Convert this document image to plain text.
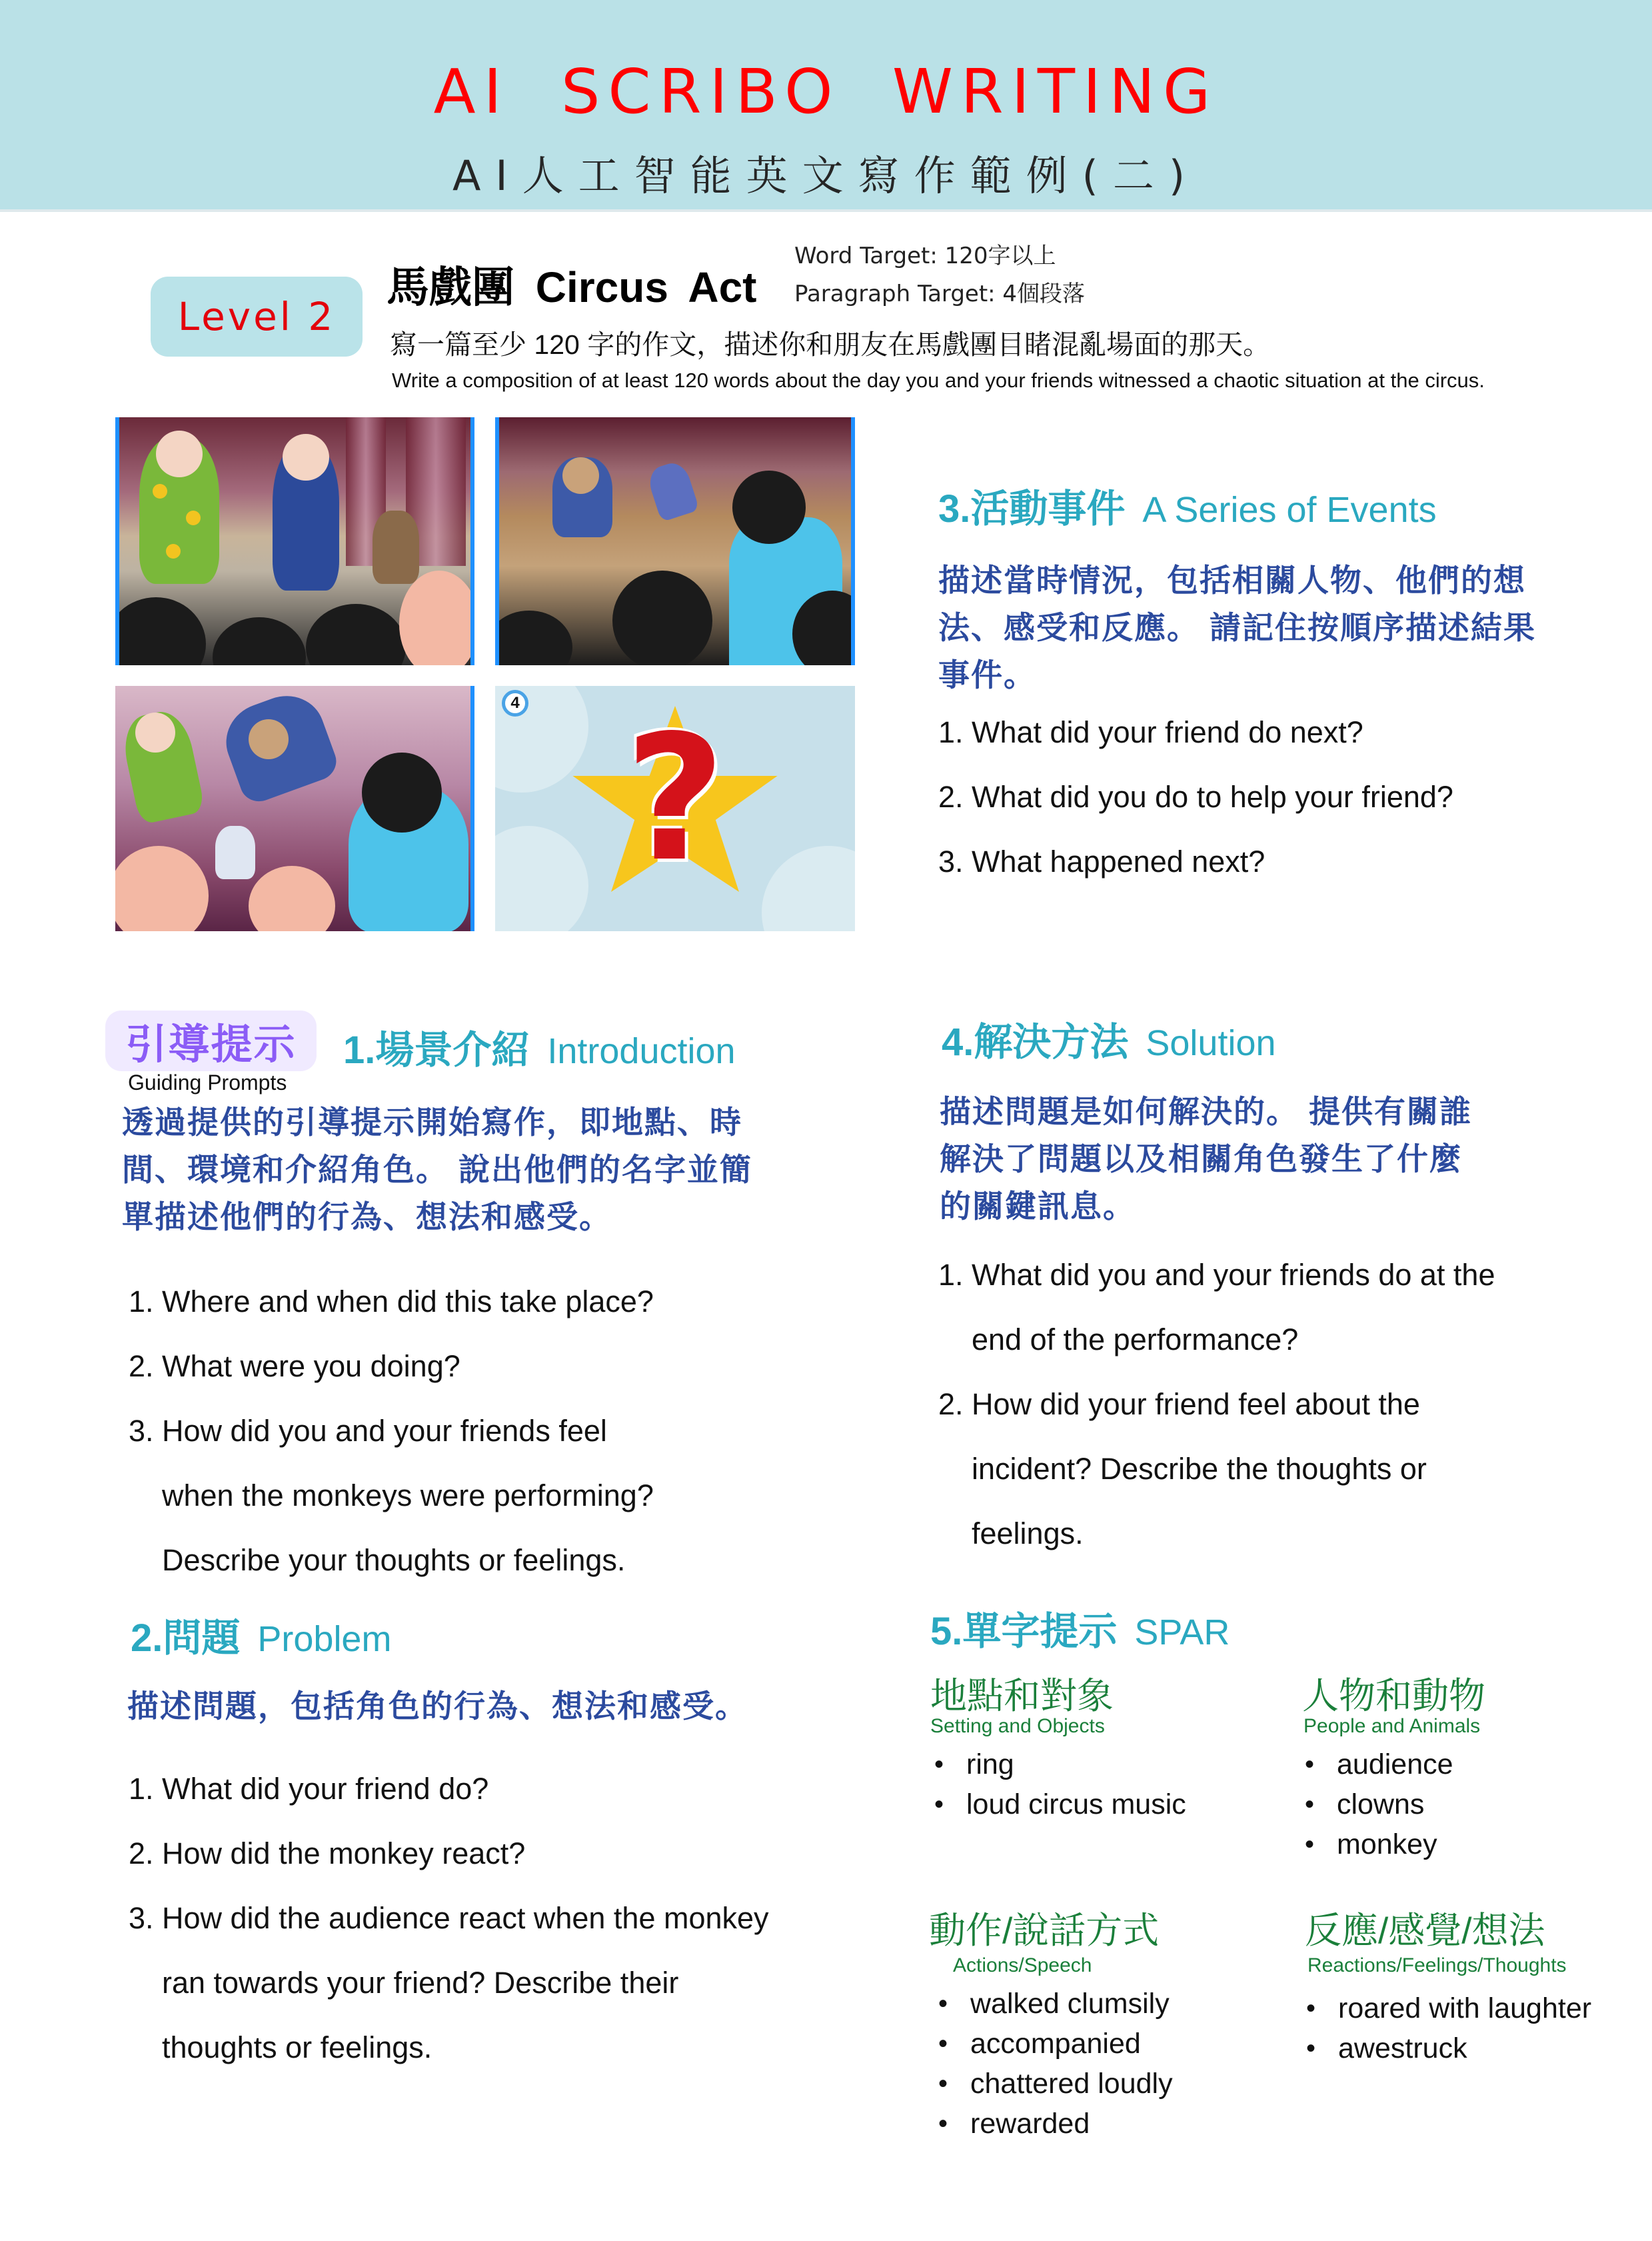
AI SCRIBO WRITING
AI人工智能英文寫作範例(二)
Level 2
馬戲團 Circus Act
Word Target: 120字以上
Paragraph Target: 4個段落
寫一篇至少 120 字的作文，描述你和朋友在馬戲團目睹混亂場面的那天。
Write a composition of at least 120 words about the day you and your friends witnessed a chaotic situation at the circus.
?
4
3.活動事件 A Series of Events
描述當時情況，包括相關人物、他們的想
法、感受和反應。 請記住按順序描述結果
事件。
1. What did your friend do next?
2. What did you do to help your friend?
3. What happened next?
引導提示
Guiding Prompts
1.場景介紹 Introduction
透過提供的引導提示開始寫作，即地點、時
間、環境和介紹角色。 說出他們的名字並簡
單描述他們的行為、想法和感受。
1. Where and when did this take place?
2. What were you doing?
3. How did you and your friends feel
when the monkeys were performing?
Describe your thoughts or feelings.
2.問題 Problem
描述問題，包括角色的行為、想法和感受。
1. What did your friend do?
2. How did the monkey react?
3. How did the audience react when the monkey
ran towards your friend? Describe their
thoughts or feelings.
4.解決方法 Solution
描述問題是如何解決的。 提供有關誰
解決了問題以及相關角色發生了什麼
的關鍵訊息。
1. What did you and your friends do at the
end of the performance?
2. How did your friend feel about the
incident? Describe the thoughts or
feelings.
5.單字提示 SPAR
地點和對象
Setting and Objects
• ring
• loud circus music
人物和動物
People and Animals
• audience
• clowns
• monkey
動作/說話方式
Actions/Speech
• walked clumsily
• accompanied
• chattered loudly
• rewarded
反應/感覺/想法
Reactions/Feelings/Thoughts
• roared with laughter
• awestruck
